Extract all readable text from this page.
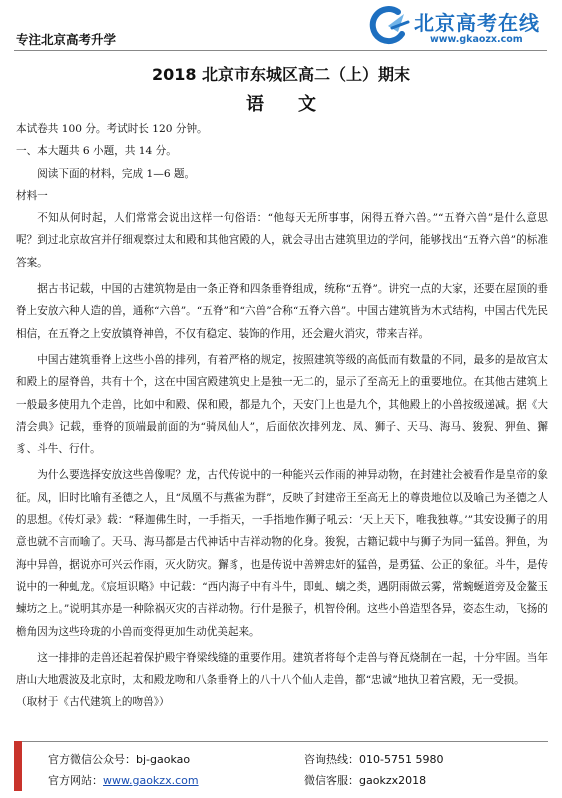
专注北京高考升学
北京高考在线
www.gkaozx.com
2018 北京市东城区高二（上）期末
语文

本试卷共 100 分。考试时长 120 分钟。

一、本大题共 6 小题，共 14 分。

阅读下面的材料，完成 1—6 题。

材料一

不知从何时起，人们常常会说出这样一句俗语：“他每天无所事事，闲得五脊六兽。”“五脊六兽”是什么意思呢？到过北京故宫并仔细观察过太和殿和其他宫殿的人，就会寻出古建筑里边的学问，能够找出“五脊六兽”的标准答案。

据古书记载，中国的古建筑物是由一条正脊和四条垂脊组成，统称“五脊”。讲究一点的大家，还要在屋顶的垂脊上安放六种人造的兽，通称“六兽”。“五脊”和“六兽”合称“五脊六兽”。中国古建筑皆为木式结构，中国古代先民相信，在五脊之上安放镇脊神兽，不仅有稳定、装饰的作用，还会避火消灾，带来吉祥。

中国古建筑垂脊上这些小兽的排列，有着严格的规定，按照建筑等级的高低而有数量的不同，最多的是故宫太和殿上的屋脊兽，共有十个，这在中国宫殿建筑史上是独一无二的，显示了至高无上的重要地位。在其他古建筑上一般最多使用九个走兽，比如中和殿、保和殿，都是九个，天安门上也是九个，其他殿上的小兽按级递减。据《大清会典》记载，垂脊的顶端最前面的为“骑凤仙人”，后面依次排列龙、凤、狮子、天马、海马、狻猊、狎鱼、獬豸、斗牛、行什。

为什么要选择安放这些兽像呢？龙，古代传说中的一种能兴云作雨的神异动物，在封建社会被看作是皇帝的象征。凤，旧时比喻有圣德之人，且“凤凰不与燕雀为群”，反映了封建帝王至高无上的尊贵地位以及喻己为圣德之人的思想。《传灯录》载：“释迦佛生时，一手指天，一手指地作狮子吼云：‘天上天下，唯我独尊。’”其安设狮子的用意也就不言而喻了。天马、海马都是古代神话中吉祥动物的化身。狻猊，古籍记载中与狮子为同一猛兽。狎鱼，为海中异兽，据说亦可兴云作雨，灭火防灾。獬豸，也是传说中善辨忠奸的猛兽，是勇猛、公正的象征。斗牛，是传说中的一种虬龙。《宸垣识略》中记载：“西内海子中有斗牛，即虬、螭之类，遇阴雨做云雾，常蜿蜒道旁及金鳌玉蝀坊之上。”说明其亦是一种除祸灭灾的吉祥动物。行什是猴子，机智伶俐。这些小兽造型各异，姿态生动，飞扬的檐角因为这些玲珑的小兽而变得更加生动优美起来。

这一排排的走兽还起着保护殿宇脊梁线缝的重要作用。建筑者将每个走兽与脊瓦烧制在一起，十分牢固。当年唐山大地震波及北京时，太和殿龙吻和八条垂脊上的八十八个仙人走兽，都“忠诚”地执卫着宫殿，无一受损。

（取材于《古代建筑上的吻兽》）

官方微信公众号：bj-gaokao	咨询热线：010-5751 5980
官方网站：www.gaokzx.com	微信客服：gaokzx2018
